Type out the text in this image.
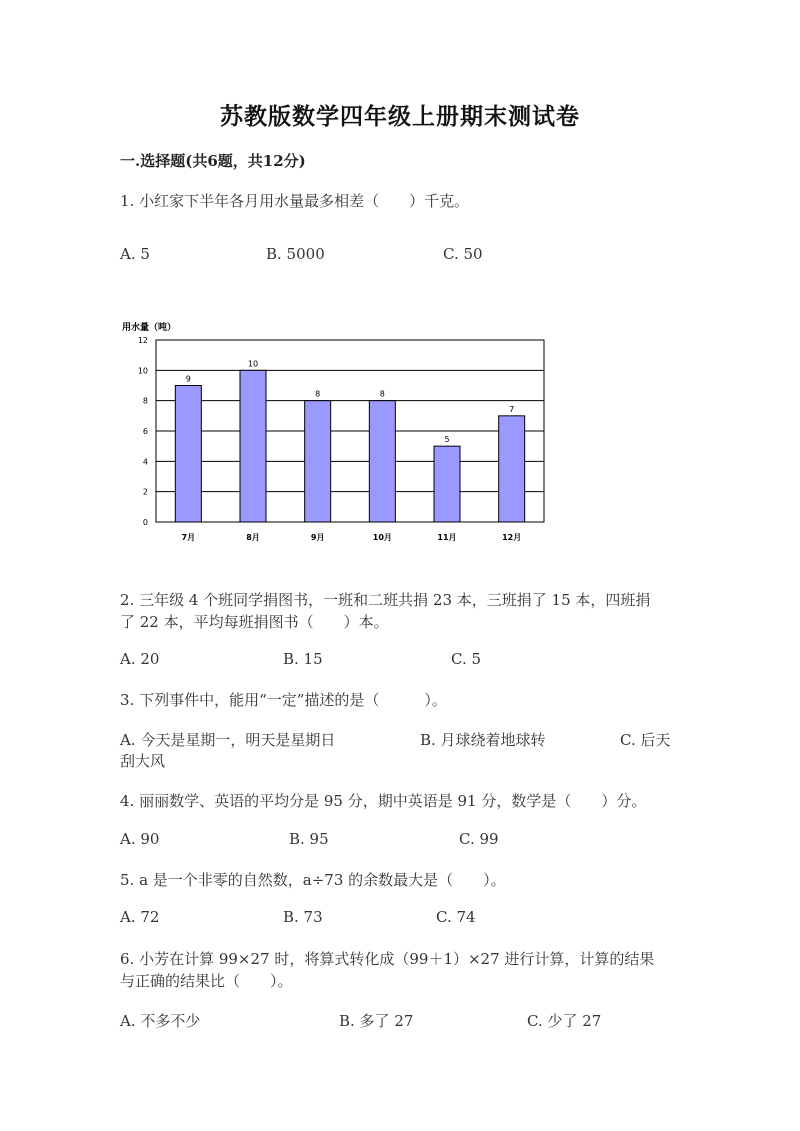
苏教版数学四年级上册期末测试卷
一.选择题(共6题，共12分)
1. 小红家下半年各月用水量最多相差（　　）千克。
A. 5	B. 5000	C. 50
用水量（吨）
0
2
4
6
8
10
12
9
7月
10
8月
8
9月
8
10月
5
11月
7
12月
2. 三年级 4 个班同学捐图书，一班和二班共捐 23 本，三班捐了 15 本，四班捐
了 22 本，平均每班捐图书（　　）本。
A. 20	B. 15	C. 5
3. 下列事件中，能用“一定”描述的是（　　　）。
A. 今天是星期一，明天是星期日	B. 月球绕着地球转	C. 后天
刮大风
4. 丽丽数学、英语的平均分是 95 分，期中英语是 91 分，数学是（　　）分。
A. 90	B. 95	C. 99
5. a 是一个非零的自然数，a÷73 的余数最大是（　　）。
A. 72	B. 73	C. 74
6. 小芳在计算 99×27 时，将算式转化成（99＋1）×27 进行计算，计算的结果
与正确的结果比（　　）。
A. 不多不少	B. 多了 27	C. 少了 27
